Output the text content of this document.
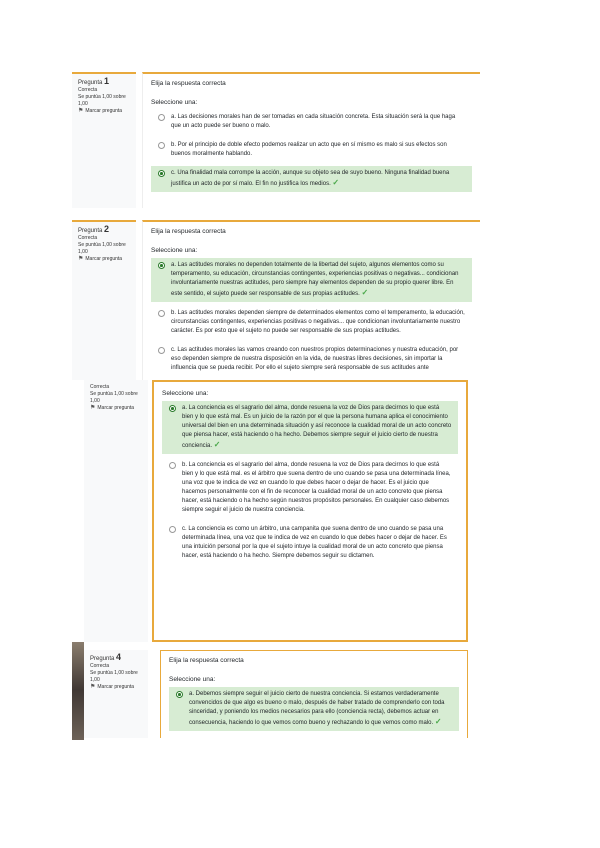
Pregunta 1
Correcta
Se puntúa 1,00 sobre 1,00
⚑ Marcar pregunta
Elija la respuesta correcta
Seleccione una:
a. Las decisiones morales han de ser tomadas en cada situación concreta. Esta situación será la que haga que un acto puede ser bueno o malo.
b. Por el principio de doble efecto podemos realizar un acto que en sí mismo es malo si sus efectos son buenos moralmente hablando.
c. Una finalidad mala corrompe la acción, aunque su objeto sea de suyo bueno. Ninguna finalidad buena justifica un acto de por sí malo. El fin no justifica los medios. ✓
Pregunta 2
Correcta
Se puntúa 1,00 sobre 1,00
⚑ Marcar pregunta
Elija la respuesta correcta
Seleccione una:
a. Las actitudes morales no dependen totalmente de la libertad del sujeto, algunos elementos como su temperamento, su educación, circunstancias contingentes, experiencias positivas o negativas... condicionan involuntariamente nuestras actitudes, pero siempre hay elementos dependen de su propio querer libre. En este sentido, el sujeto puede ser responsable de sus propias actitudes. ✓
b. Las actitudes morales dependen siempre de determinados elementos como el temperamento, la educación, circunstancias contingentes, experiencias positivas o negativas... que condicionan involuntariamente nuestro carácter. Es por esto que el sujeto no puede ser responsable de sus propias actitudes.
c. Las actitudes morales las vamos creando con nuestros propios determinaciones y nuestra educación, por eso dependen siempre de nuestra disposición en la vida, de nuestras libres decisiones, sin importar la influencia que se pueda recibir. Por ello el sujeto siempre será responsable de sus actitudes ante
Correcta
Se puntúa 1,00 sobre 1,00
⚑ Marcar pregunta
Seleccione una:
a. La conciencia es el sagrario del alma, donde resuena la voz de Dios para decirnos lo que está bien y lo que está mal. Es un juicio de la razón por el que la persona humana aplica el conocimiento universal del bien en una determinada situación y así reconoce la cualidad moral de un acto concreto que piensa hacer, está haciendo o ha hecho. Debemos siempre seguir el juicio cierto de nuestra conciencia. ✓
b. La conciencia es el sagrario del alma, donde resuena la voz de Dios para decirnos lo que está bien y lo que está mal. es el árbitro que suena dentro de uno cuando se pasa una determinada línea, una voz que te indica de vez en cuando lo que debes hacer o dejar de hacer. Es el juicio que hacemos personalmente con el fin de reconocer la cualidad moral de un acto concreto que piensa hacer, está haciendo o ha hecho según nuestros propósitos personales. En cualquier caso debemos siempre seguir el juicio de nuestra conciencia.
c. La conciencia es como un árbitro, una campanita que suena dentro de uno cuando se pasa una determinada línea, una voz que te indica de vez en cuando lo que debes hacer o dejar de hacer. Es una intuición personal por la que el sujeto intuye la cualidad moral de un acto concreto que piensa hacer, está haciendo o ha hecho. Siempre debemos seguir su dictamen.
Pregunta 4
Correcta
Se puntúa 1,00 sobre 1,00
⚑ Marcar pregunta
Elija la respuesta correcta
Seleccione una:
a. Debemos siempre seguir el juicio cierto de nuestra conciencia. Si estamos verdaderamente convencidos de que algo es bueno o malo, después de haber tratado de comprenderlo con toda sinceridad, y poniendo los medios necesarios para ello (conciencia recta), debemos actuar en consecuencia, haciendo lo que vemos como bueno y rechazando lo que vemos como malo. ✓
